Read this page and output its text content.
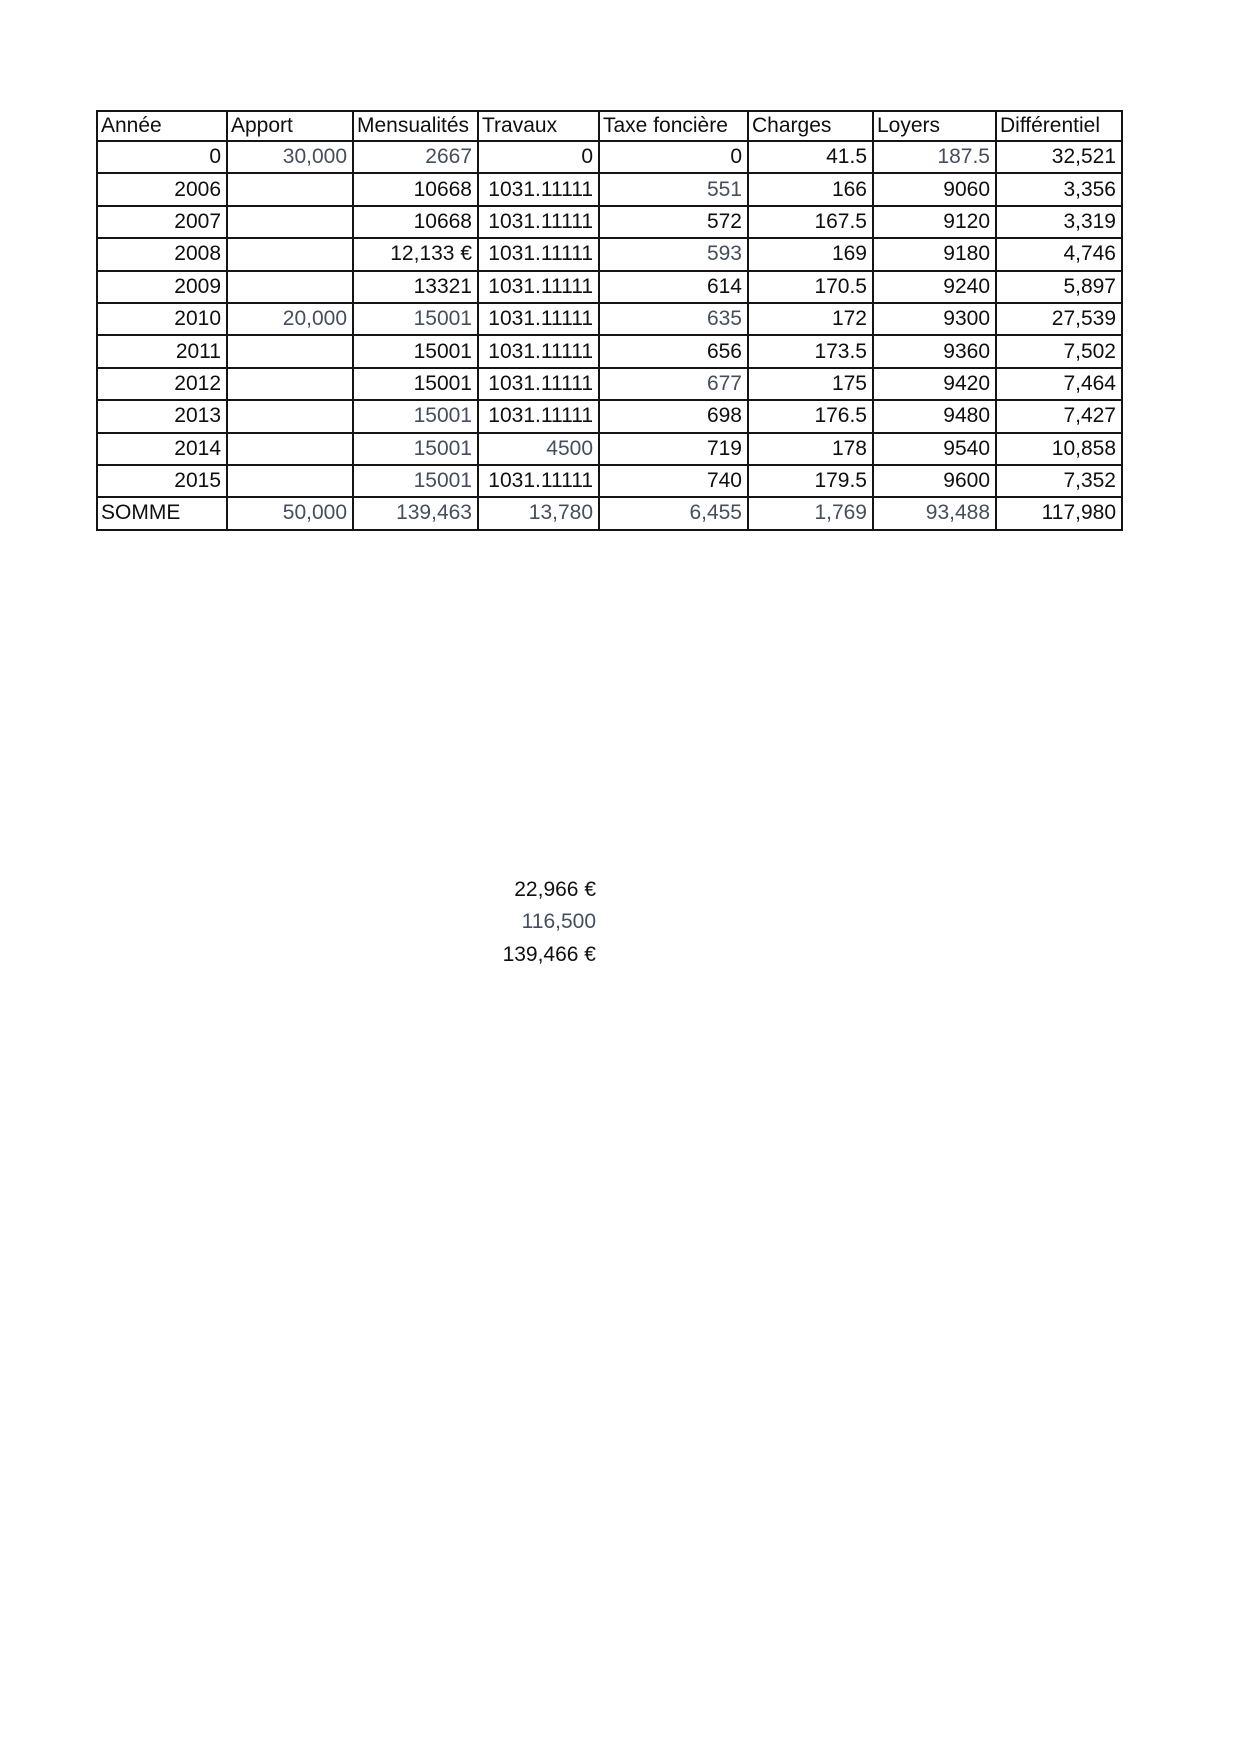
Année	Apport	Mensualités	Travaux	Taxe foncière	Charges	Loyers	Différentiel
0	30,000	2667	0	0	41.5	187.5	32,521
2006		10668	1031.11111	551	166	9060	3,356
2007		10668	1031.11111	572	167.5	9120	3,319
2008		12,133 €	1031.11111	593	169	9180	4,746
2009		13321	1031.11111	614	170.5	9240	5,897
2010	20,000	15001	1031.11111	635	172	9300	27,539
2011		15001	1031.11111	656	173.5	9360	7,502
2012		15001	1031.11111	677	175	9420	7,464
2013		15001	1031.11111	698	176.5	9480	7,427
2014		15001	4500	719	178	9540	10,858
2015		15001	1031.11111	740	179.5	9600	7,352
SOMME	50,000	139,463	13,780	6,455	1,769	93,488	117,980
22,966 €
116,500
139,466 €
